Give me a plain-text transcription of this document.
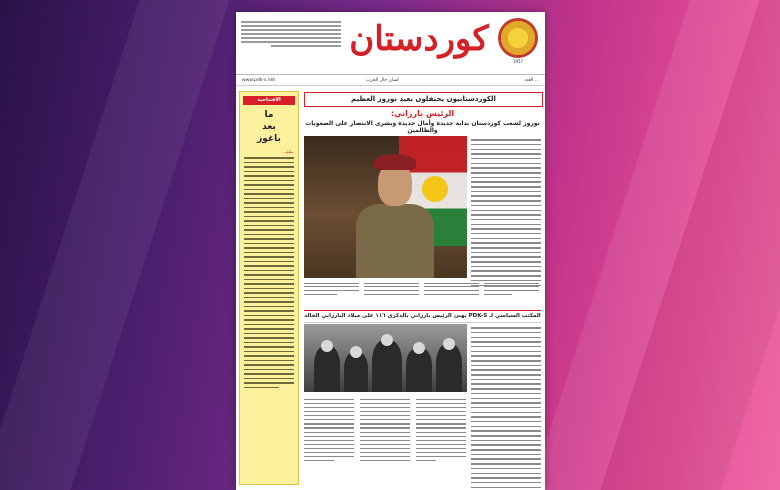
كوردستان
1957
www.pdk-s.net	لسان حال الحزب	العدد ...
الافتتاحية
ما
بعد
باغوز
بقلم...
الكوردستانيون يحتفلون بعيد نوروز العظيم
الرئيس بارزاني:
نوروز لشعب كوردستان بداية جديدة وأمال جديدة وبشرى الانتصار على الصعوبات والظالمين
المكتب السياسي لـ PDK-S يهنئ الرئيس بارزاني بالذكرى ١١٦ على ميلاد البارزاني الخالد
